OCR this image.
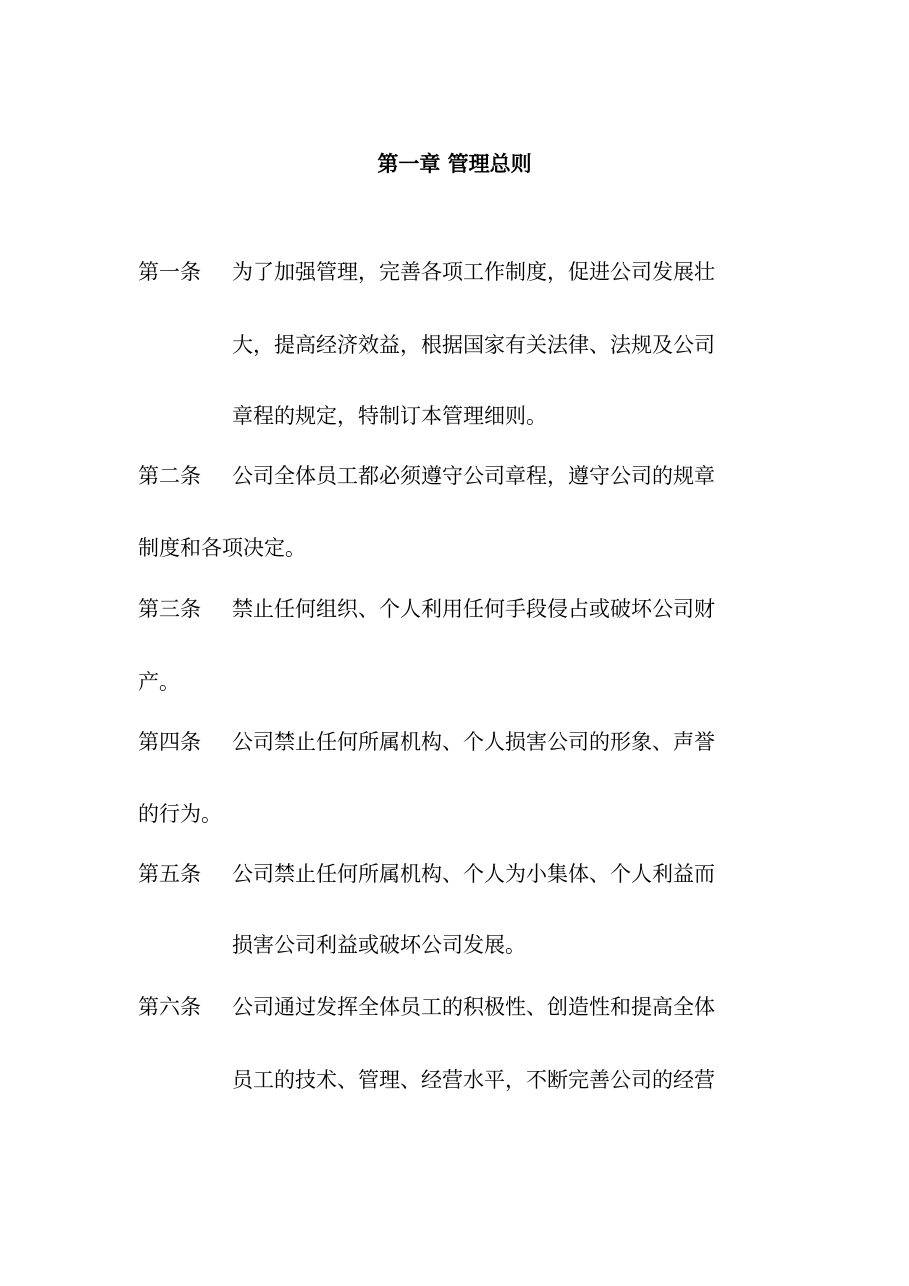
第一章 管理总则
第一条 为了加强管理，完善各项工作制度，促进公司发展壮
大，提高经济效益，根据国家有关法律、法规及公司
章程的规定，特制订本管理细则。
第二条 公司全体员工都必须遵守公司章程，遵守公司的规章
制度和各项决定。
第三条 禁止任何组织、个人利用任何手段侵占或破坏公司财
产。
第四条 公司禁止任何所属机构、个人损害公司的形象、声誉
的行为。
第五条 公司禁止任何所属机构、个人为小集体、个人利益而
损害公司利益或破坏公司发展。
第六条 公司通过发挥全体员工的积极性、创造性和提高全体
员工的技术、管理、经营水平，不断完善公司的经营
